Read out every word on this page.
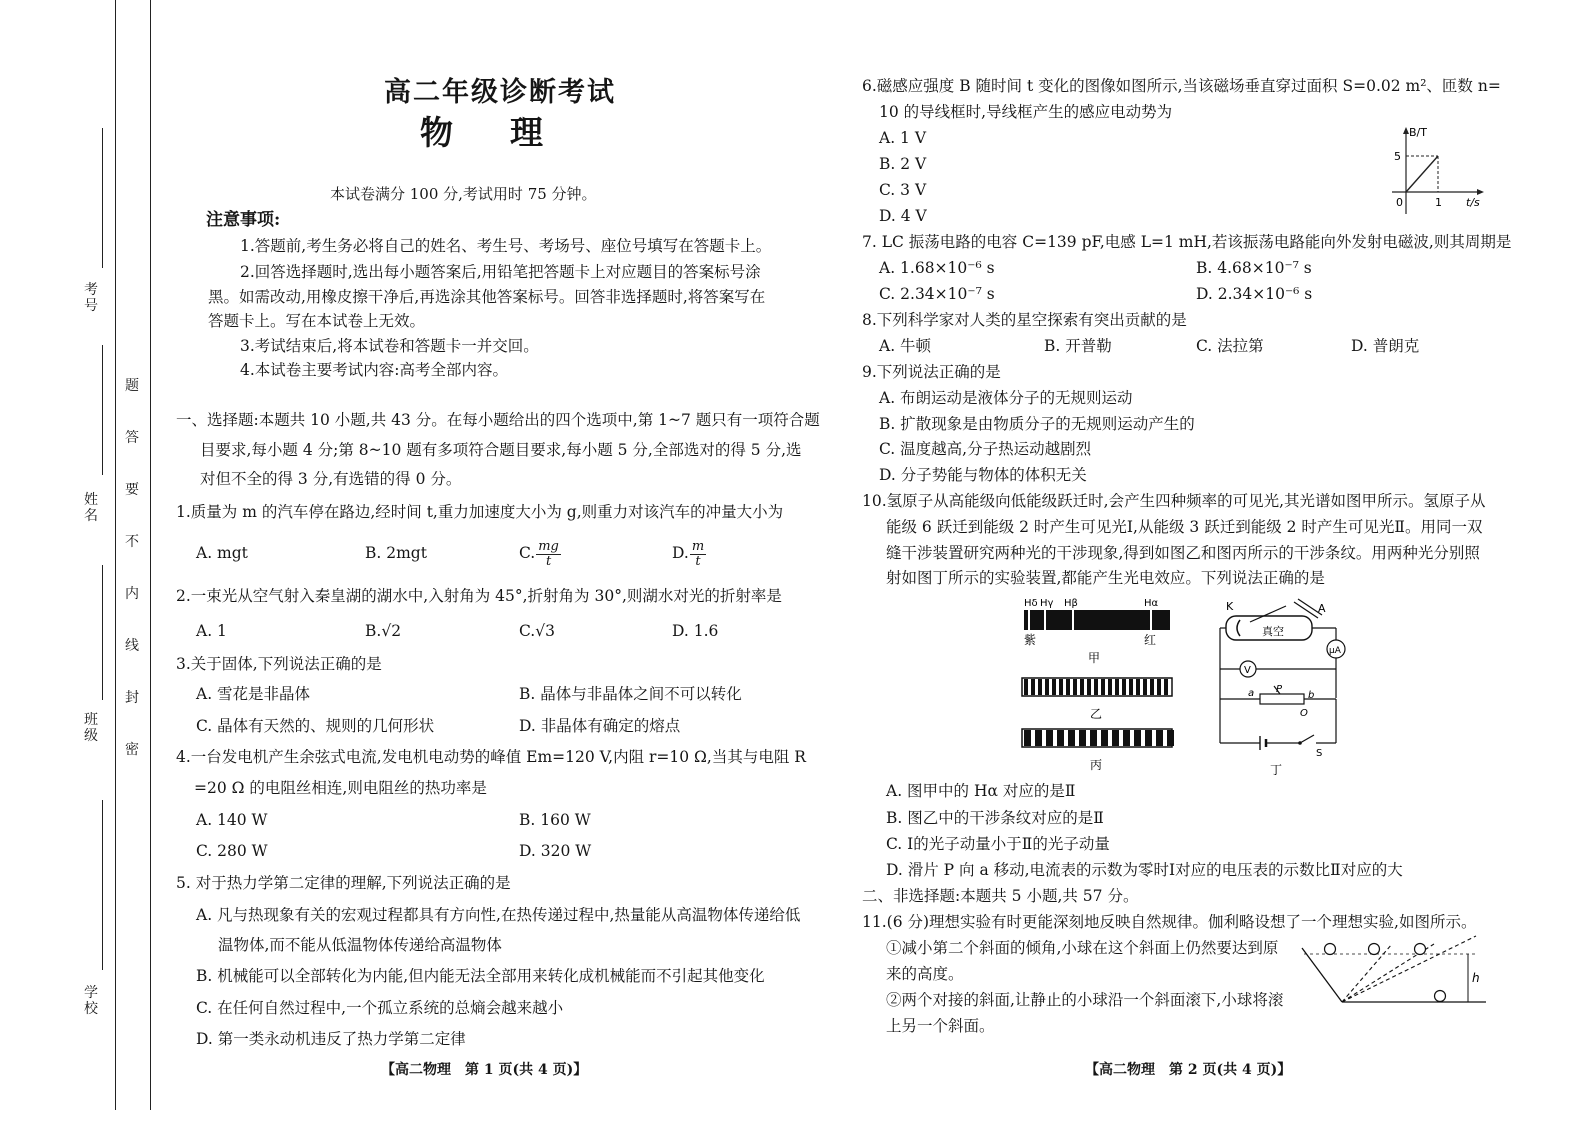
考号
姓名
班级
学校
题
答
要
不
内
线
封
密
高二年级诊断考试
物　理
本试卷满分 100 分,考试用时 75 分钟。
注意事项:
1.答题前,考生务必将自己的姓名、考生号、考场号、座位号填写在答题卡上。
2.回答选择题时,选出每小题答案后,用铅笔把答题卡上对应题目的答案标号涂
黑。如需改动,用橡皮擦干净后,再选涂其他答案标号。回答非选择题时,将答案写在
答题卡上。写在本试卷上无效。
3.考试结束后,将本试卷和答题卡一并交回。
4.本试卷主要考试内容:高考全部内容。
一、选择题:本题共 10 小题,共 43 分。在每小题给出的四个选项中,第 1~7 题只有一项符合题
目要求,每小题 4 分;第 8~10 题有多项符合题目要求,每小题 5 分,全部选对的得 5 分,选
对但不全的得 3 分,有选错的得 0 分。
1.质量为 m 的汽车停在路边,经时间 t,重力加速度大小为 g,则重力对该汽车的冲量大小为
A. mgt	B. 2mgt	C. $\frac{mg}{t}$	D. $\frac{m}{t}$
2.一束光从空气射入秦皇湖的湖水中,入射角为 45°,折射角为 30°,则湖水对光的折射率是
A. 1	B.√2	C.√3	D. 1.6
3.关于固体,下列说法正确的是
A. 雪花是非晶体	B. 晶体与非晶体之间不可以转化
C. 晶体有天然的、规则的几何形状	D. 非晶体有确定的熔点
4.一台发电机产生余弦式电流,发电机电动势的峰值 Em=120 V,内阻 r=10 Ω,当其与电阻 R
=20 Ω 的电阻丝相连,则电阻丝的热功率是
A. 140 W	B. 160 W
C. 280 W	D. 320 W
5. 对于热力学第二定律的理解,下列说法正确的是
A. 凡与热现象有关的宏观过程都具有方向性,在热传递过程中,热量能从高温物体传递给低
温物体,而不能从低温物体传递给高温物体
B. 机械能可以全部转化为内能,但内能无法全部用来转化成机械能而不引起其他变化
C. 在任何自然过程中,一个孤立系统的总熵会越来越小
D. 第一类永动机违反了热力学第二定律
【高二物理　第 1 页(共 4 页)】
6.磁感应强度 B 随时间 t 变化的图像如图所示,当该磁场垂直穿过面积 S=0.02 m²、匝数 n=
10 的导线框时,导线框产生的感应电动势为
A. 1 V
B. 2 V
C. 3 V
D. 4 V
B/T
t/s
5
1
0
7. LC 振荡电路的电容 C=139 pF,电感 L=1 mH,若该振荡电路能向外发射电磁波,则其周期是
A. 1.68×10⁻⁶ s	B. 4.68×10⁻⁷ s
C. 2.34×10⁻⁷ s	D. 2.34×10⁻⁶ s
8.下列科学家对人类的星空探索有突出贡献的是
A. 牛顿	B. 开普勒	C. 法拉第	D. 普朗克
9.下列说法正确的是
A. 布朗运动是液体分子的无规则运动
B. 扩散现象是由物质分子的无规则运动产生的
C. 温度越高,分子热运动越剧烈
D. 分子势能与物体的体积无关
10.氢原子从高能级向低能级跃迁时,会产生四种频率的可见光,其光谱如图甲所示。氢原子从
能级 6 跃迁到能级 2 时产生可见光Ⅰ,从能级 3 跃迁到能级 2 时产生可见光Ⅱ。用同一双
缝干涉装置研究两种光的干涉现象,得到如图乙和图丙所示的干涉条纹。用两种光分别照
射如图丁所示的实验装置,都能产生光电效应。下列说法正确的是
Hδ Hγ Hβ	Hα
紫	红
甲
乙
丙
K	A
真空
μA
V
a P
b
O
S
丁
A. 图甲中的 Hα 对应的是Ⅱ
B. 图乙中的干涉条纹对应的是Ⅱ
C. Ⅰ的光子动量小于Ⅱ的光子动量
D. 滑片 P 向 a 移动,电流表的示数为零时Ⅰ对应的电压表的示数比Ⅱ对应的大
二、非选择题:本题共 5 小题,共 57 分。
11.(6 分)理想实验有时更能深刻地反映自然规律。伽利略设想了一个理想实验,如图所示。
①减小第二个斜面的倾角,小球在这个斜面上仍然要达到原
来的高度。
②两个对接的斜面,让静止的小球沿一个斜面滚下,小球将滚
上另一个斜面。
h
【高二物理　第 2 页(共 4 页)】
